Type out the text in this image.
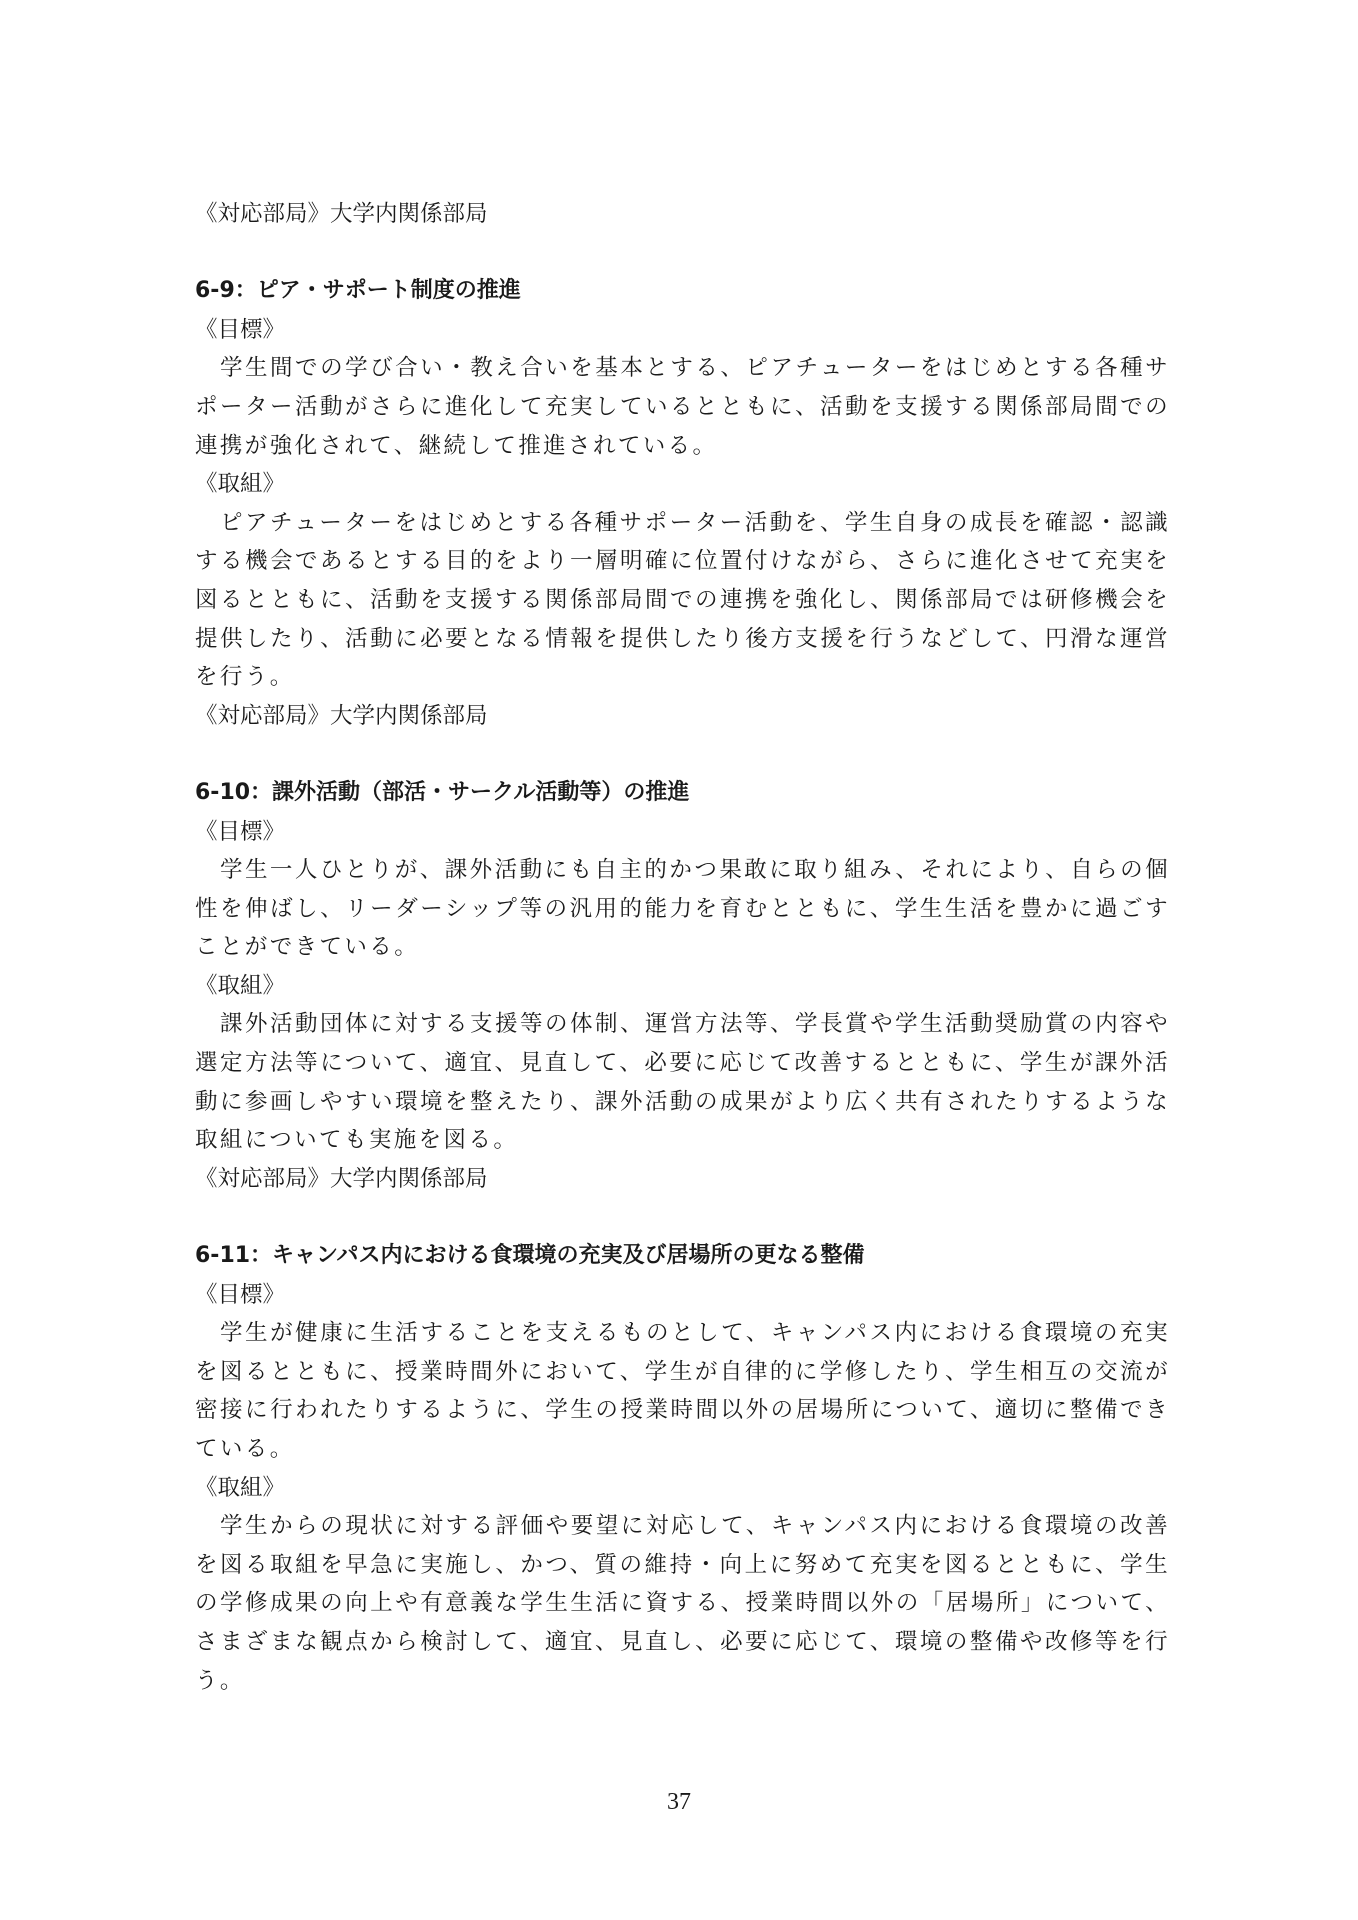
《対応部局》大学内関係部局
6-9：ピア・サポート制度の推進
《目標》
学生間での学び合い・教え合いを基本とする、ピアチューターをはじめとする各種サポーター活動がさらに進化して充実しているとともに、活動を支援する関係部局間での連携が強化されて、継続して推進されている。
《取組》
ピアチューターをはじめとする各種サポーター活動を、学生自身の成長を確認・認識する機会であるとする目的をより一層明確に位置付けながら、さらに進化させて充実を図るとともに、活動を支援する関係部局間での連携を強化し、関係部局では研修機会を提供したり、活動に必要となる情報を提供したり後方支援を行うなどして、円滑な運営を行う。
《対応部局》大学内関係部局
6-10：課外活動（部活・サークル活動等）の推進
《目標》
学生一人ひとりが、課外活動にも自主的かつ果敢に取り組み、それにより、自らの個性を伸ばし、リーダーシップ等の汎用的能力を育むとともに、学生生活を豊かに過ごすことができている。
《取組》
課外活動団体に対する支援等の体制、運営方法等、学長賞や学生活動奨励賞の内容や選定方法等について、適宜、見直して、必要に応じて改善するとともに、学生が課外活動に参画しやすい環境を整えたり、課外活動の成果がより広く共有されたりするような取組についても実施を図る。
《対応部局》大学内関係部局
6-11：キャンパス内における食環境の充実及び居場所の更なる整備
《目標》
学生が健康に生活することを支えるものとして、キャンパス内における食環境の充実を図るとともに、授業時間外において、学生が自律的に学修したり、学生相互の交流が密接に行われたりするように、学生の授業時間以外の居場所について、適切に整備できている。
《取組》
学生からの現状に対する評価や要望に対応して、キャンパス内における食環境の改善を図る取組を早急に実施し、かつ、質の維持・向上に努めて充実を図るとともに、学生の学修成果の向上や有意義な学生生活に資する、授業時間以外の「居場所」について、さまざまな観点から検討して、適宜、見直し、必要に応じて、環境の整備や改修等を行う。
37
